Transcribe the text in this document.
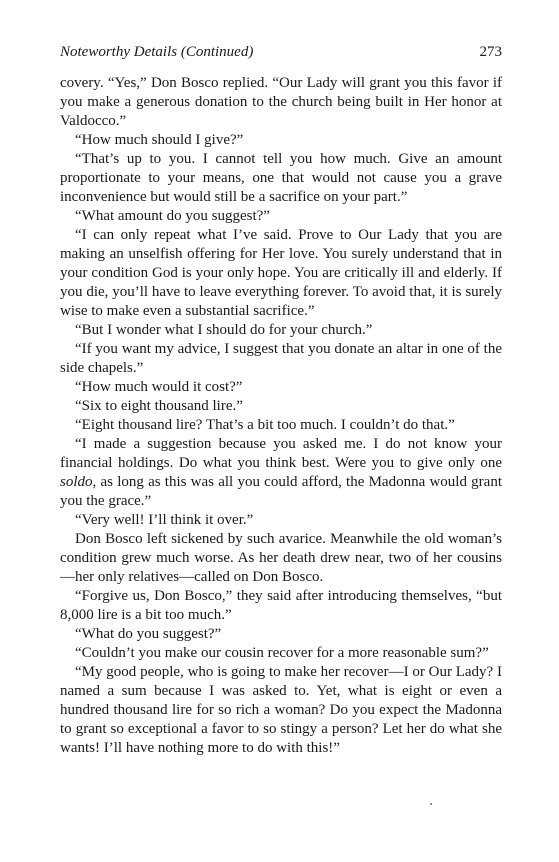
Noteworthy Details (Continued)	273

covery. “Yes,” Don Bosco replied. “Our Lady will grant you this favor if you make a generous donation to the church being built in Her honor at Valdocco.”

“How much should I give?”

“That’s up to you. I cannot tell you how much. Give an amount proportionate to your means, one that would not cause you a grave inconvenience but would still be a sacrifice on your part.”

“What amount do you suggest?”

“I can only repeat what I’ve said. Prove to Our Lady that you are making an unselfish offering for Her love. You surely understand that in your condition God is your only hope. You are critically ill and elderly. If you die, you’ll have to leave everything forever. To avoid that, it is surely wise to make even a substantial sacrifice.”

“But I wonder what I should do for your church.”

“If you want my advice, I suggest that you donate an altar in one of the side chapels.”

“How much would it cost?”

“Six to eight thousand lire.”

“Eight thousand lire? That’s a bit too much. I couldn’t do that.”

“I made a suggestion because you asked me. I do not know your financial holdings. Do what you think best. Were you to give only one soldo, as long as this was all you could afford, the Madonna would grant you the grace.”

“Very well! I’ll think it over.”

Don Bosco left sickened by such avarice. Meanwhile the old woman’s condition grew much worse. As her death drew near, two of her cousins—her only relatives—called on Don Bosco.

“Forgive us, Don Bosco,” they said after introducing themselves, “but 8,000 lire is a bit too much.”

“What do you suggest?”

“Couldn’t you make our cousin recover for a more reasonable sum?”

“My good people, who is going to make her recover—I or Our Lady? I named a sum because I was asked to. Yet, what is eight or even a hundred thousand lire for so rich a woman? Do you expect the Madonna to grant so exceptional a favor to so stingy a person? Let her do what she wants! I’ll have nothing more to do with this!”
